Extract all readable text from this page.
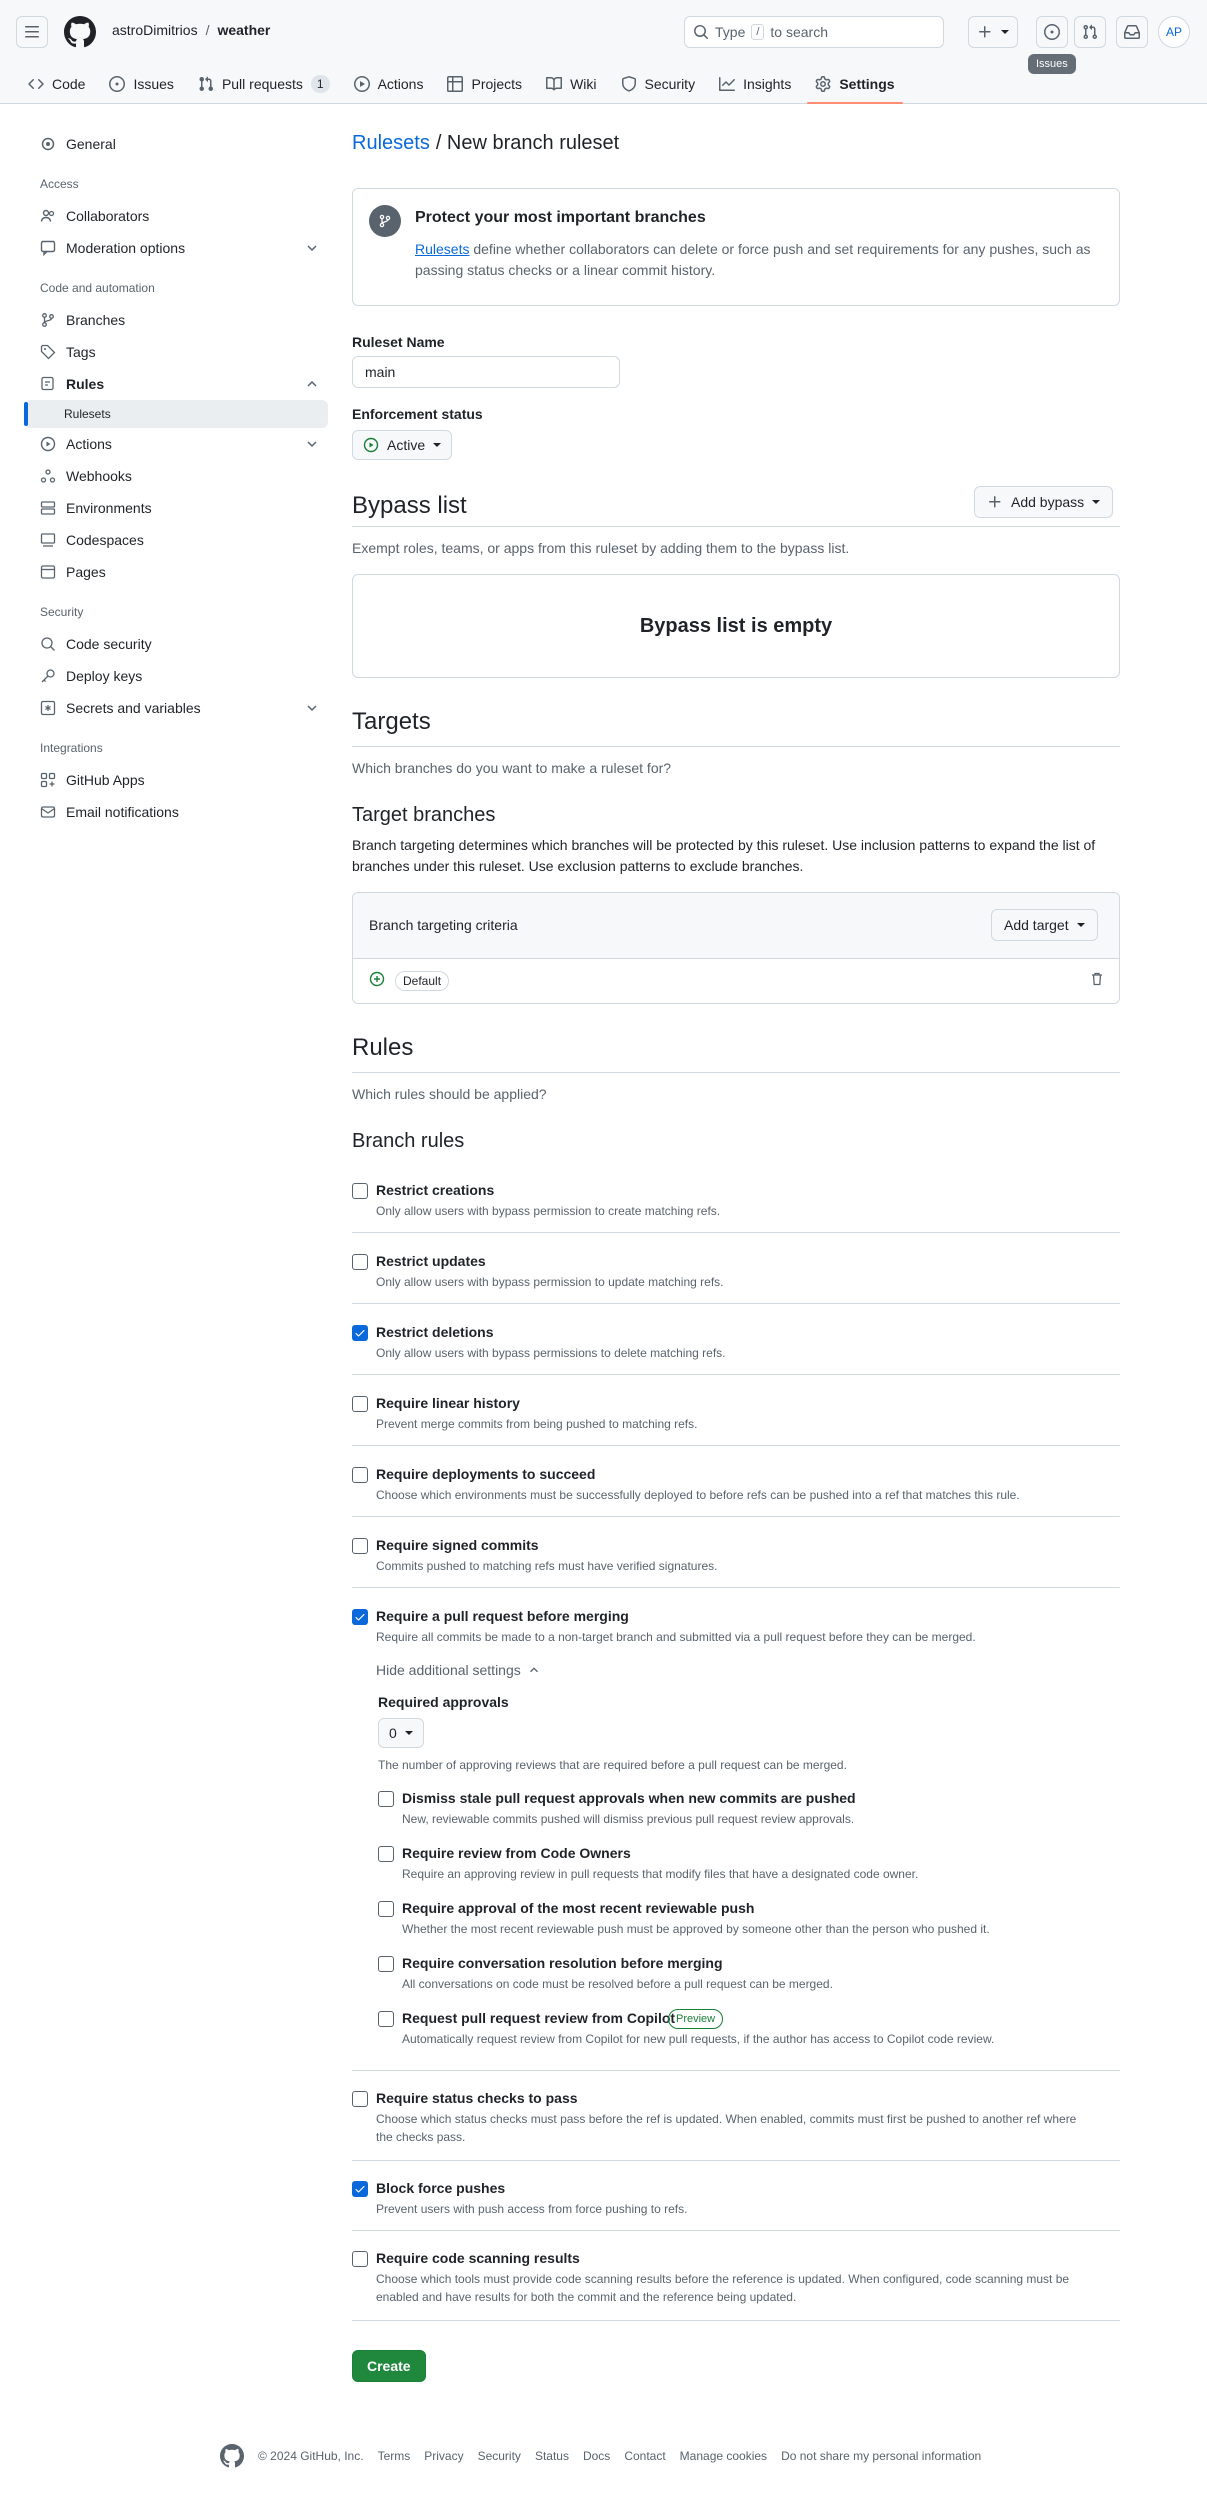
astroDimitrios / weather	Type	/ to search	AP
Issues
Code	Issues	Pull requests	1	Actions	Projects	Wiki	Security	Insights	Settings
General
Access
Collaborators
Moderation options
Code and automation
Branches
Tags
Rules
Rulesets
Actions
Webhooks
Environments
Codespaces
Pages
Security
Code security
Deploy keys
Secrets and variables
Integrations
GitHub Apps
Email notifications
Rulesets / New branch ruleset
Protect your most important branches
Rulesets define whether collaborators can delete or force push and set requirements for any pushes, such as passing status checks or a linear commit history.
Ruleset Name
main
Enforcement status
Active
Bypass list	Add bypass
Exempt roles, teams, or apps from this ruleset by adding them to the bypass list.
Bypass list is empty
Targets
Which branches do you want to make a ruleset for?
Target branches
Branch targeting determines which branches will be protected by this ruleset. Use inclusion patterns to expand the list of branches under this ruleset. Use exclusion patterns to exclude branches.
Branch targeting criteria	Add target
Default
Rules
Which rules should be applied?
Branch rules
Restrict creations
Only allow users with bypass permission to create matching refs.
Restrict updates
Only allow users with bypass permission to update matching refs.
Restrict deletions
Only allow users with bypass permissions to delete matching refs.
Require linear history
Prevent merge commits from being pushed to matching refs.
Require deployments to succeed
Choose which environments must be successfully deployed to before refs can be pushed into a ref that matches this rule.
Require signed commits
Commits pushed to matching refs must have verified signatures.
Require a pull request before merging
Require all commits be made to a non-target branch and submitted via a pull request before they can be merged.
Hide additional settings
Required approvals
0
The number of approving reviews that are required before a pull request can be merged.
Dismiss stale pull request approvals when new commits are pushed
New, reviewable commits pushed will dismiss previous pull request review approvals.
Require review from Code Owners
Require an approving review in pull requests that modify files that have a designated code owner.
Require approval of the most recent reviewable push
Whether the most recent reviewable push must be approved by someone other than the person who pushed it.
Require conversation resolution before merging
All conversations on code must be resolved before a pull request can be merged.
Request pull request review from Copilot Preview
Automatically request review from Copilot for new pull requests, if the author has access to Copilot code review.
Require status checks to pass
Choose which status checks must pass before the ref is updated. When enabled, commits must first be pushed to another ref where the checks pass.
Block force pushes
Prevent users with push access from force pushing to refs.
Require code scanning results
Choose which tools must provide code scanning results before the reference is updated. When configured, code scanning must be enabled and have results for both the commit and the reference being updated.
Create
© 2024 GitHub, Inc. Terms Privacy Security Status Docs Contact Manage cookies Do not share my personal information
